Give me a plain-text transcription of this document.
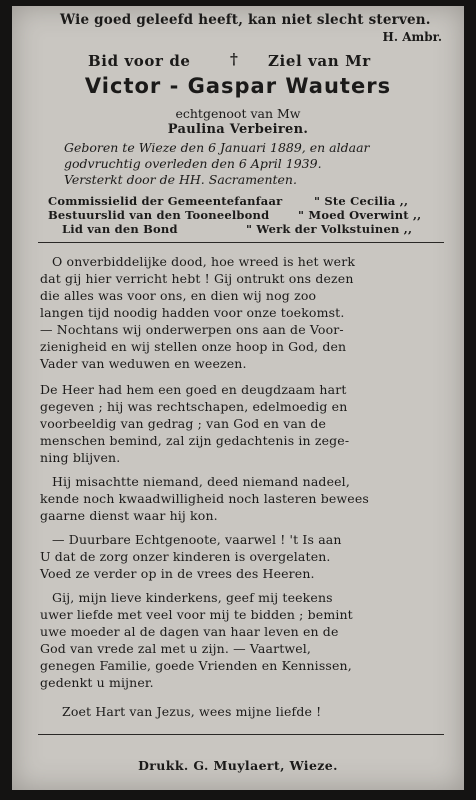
Wie goed geleefd heeft, kan niet slecht sterven.
H. Ambr.
Bid voor de	† Ziel van Mr
Victor - Gaspar Wauters
echtgenoot van Mw
Paulina Verbeiren.
Geboren te Wieze den 6 Januari 1889, en aldaar
godvruchtig overleden den 6 April 1939.
Versterkt door de HH. Sacramenten.
Commissielid der Gemeentefanfaar	" Ste Cecilia ,,
Bestuurslid van den Tooneelbond " Moed Overwint ,,
Lid van den Bond	" Werk der Volkstuinen ,,
O onverbiddelijke dood, hoe wreed is het werk
dat gij hier verricht hebt ! Gij ontrukt ons dezen
die alles was voor ons, en dien wij nog zoo
langen tijd noodig hadden voor onze toekomst.
— Nochtans wij onderwerpen ons aan de Voor-
zienigheid en wij stellen onze hoop in God, den
Vader van weduwen en weezen.
De Heer had hem een goed en deugdzaam hart
gegeven ; hij was rechtschapen, edelmoedig en
voorbeeldig van gedrag ; van God en van de
menschen bemind, zal zijn gedachtenis in zege-
ning blijven.
Hij misachtte niemand, deed niemand nadeel,
kende noch kwaadwilligheid noch lasteren bewees
gaarne dienst waar hij kon.
— Duurbare Echtgenoote, vaarwel ! 't Is aan
U dat de zorg onzer kinderen is overgelaten.
Voed ze verder op in de vrees des Heeren.
Gij, mijn lieve kinderkens, geef mij teekens
uwer liefde met veel voor mij te bidden ; bemint
uwe moeder al de dagen van haar leven en de
God van vrede zal met u zijn. — Vaartwel,
genegen Familie, goede Vrienden en Kennissen,
gedenkt u mijner.
Zoet Hart van Jezus, wees mijne liefde !
Drukk. G. Muylaert, Wieze.
